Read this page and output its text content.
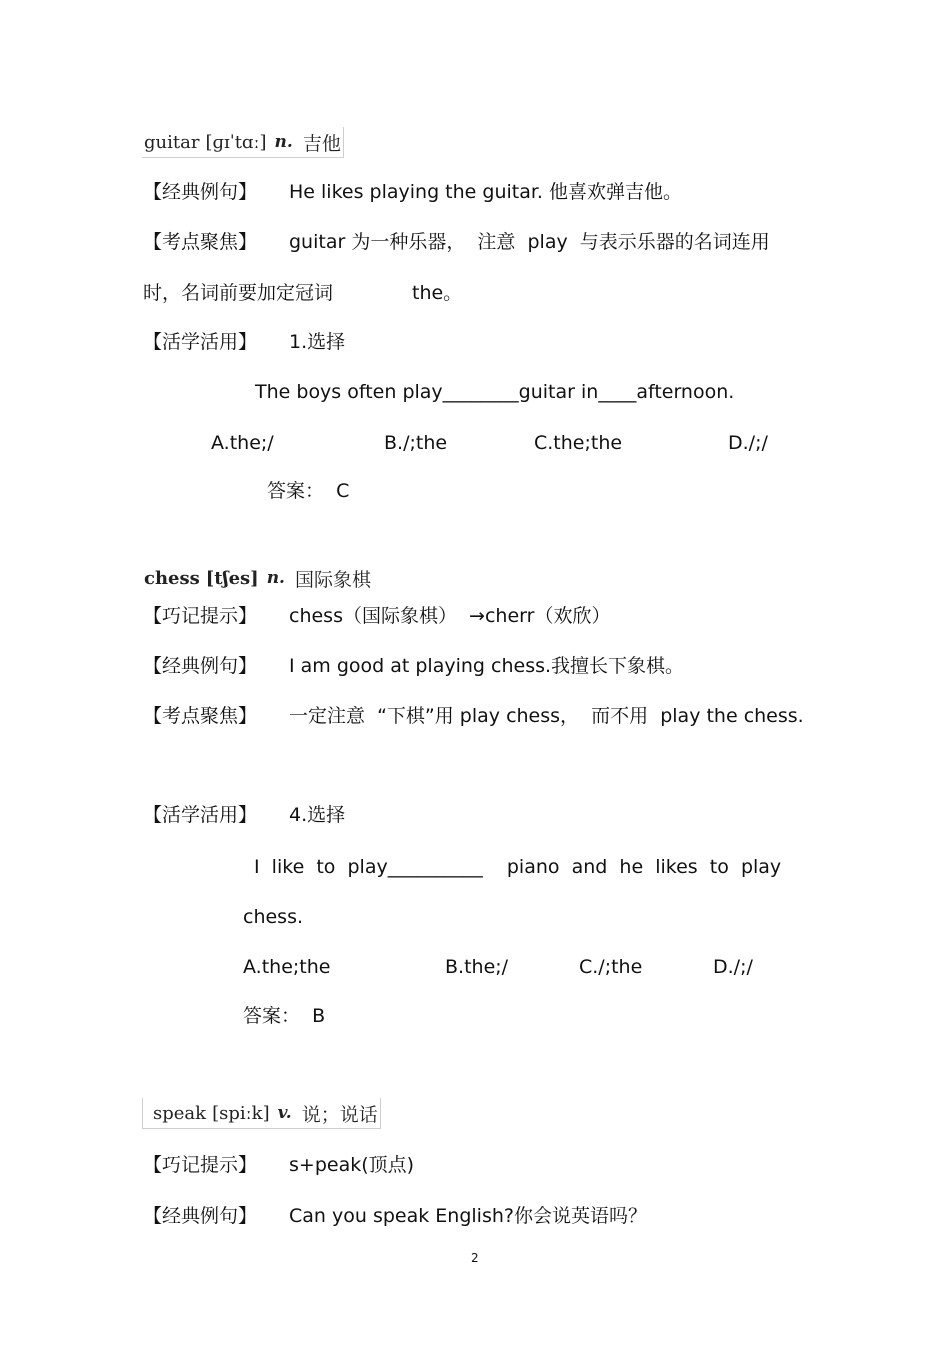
guitar [ɡɪˈtɑː] n. 吉他
【经典例句】 He likes playing the guitar. 他喜欢弹吉他。
【考点聚焦】 guitar 为一种乐器，  注意  play  与表示乐器的名词连用
时，名词前要加定冠词	the。
【活学活用】 1.选择
The boys often play________guitar in____afternoon.
A.the;/	B./;the	C.the;the	D./;/
答案：  C
chess [tʃes] n. 国际象棋
【巧记提示】 chess（国际象棋）  →cherr（欢欣）
【经典例句】 I am good at playing chess.我擅长下象棋。
【考点聚焦】 一定注意  “下棋”用 play chess，  而不用  play the chess.
【活学活用】 4.选择
I  like  to  play__________    piano  and  he  likes  to  play
chess.
A.the;the	B.the;/	C./;the	D./;/
答案：  B
speak [spiːk] v. 说；说话
【巧记提示】 s+peak(顶点)
【经典例句】 Can you speak English?你会说英语吗？
2
